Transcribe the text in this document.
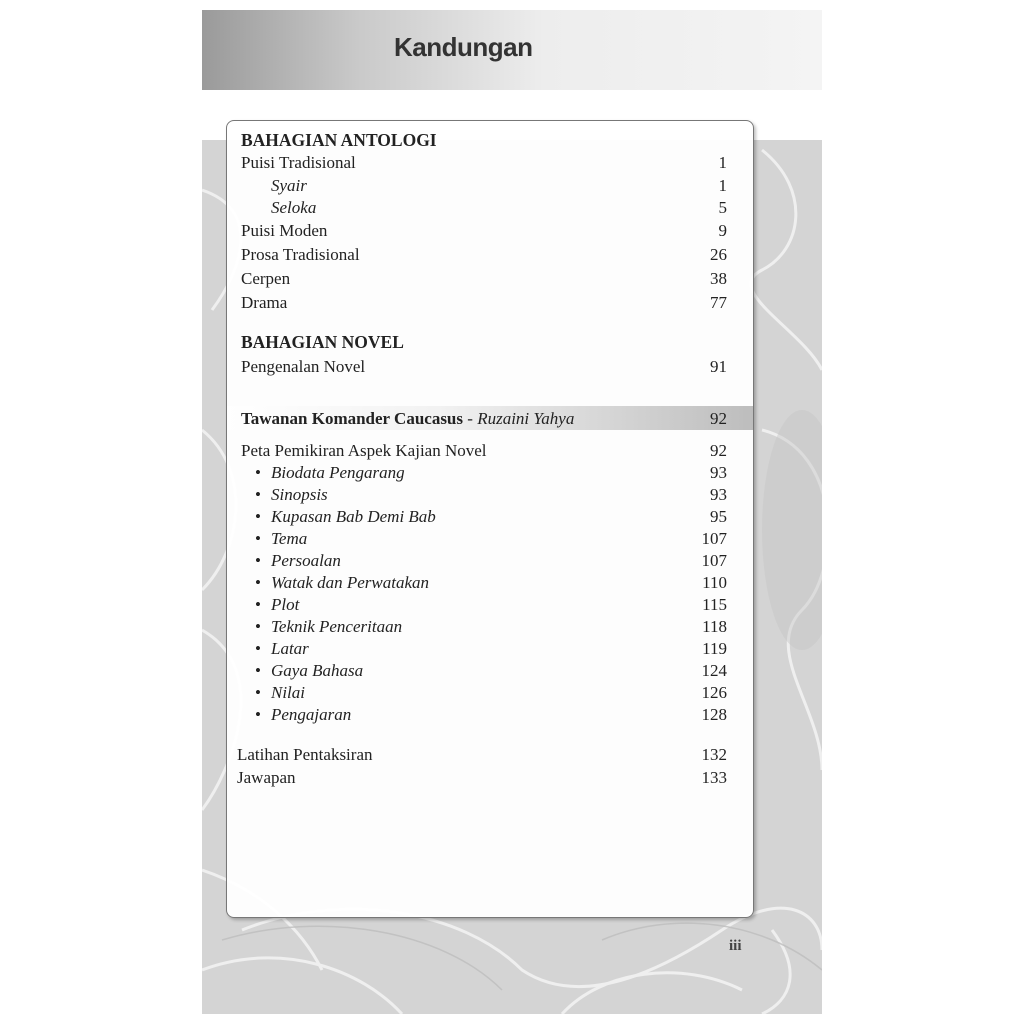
Kandungan
BAHAGIAN ANTOLOGI
Puisi Tradisional	1
Syair	1
Seloka	5
Puisi Moden	9
Prosa Tradisional	26
Cerpen	38
Drama	77
BAHAGIAN NOVEL
Pengenalan Novel	91
Tawanan Komander Caucasus - Ruzaini Yahya	92
Peta Pemikiran Aspek Kajian Novel	92
• Biodata Pengarang	93
• Sinopsis	93
• Kupasan Bab Demi Bab	95
• Tema	107
• Persoalan	107
• Watak dan Perwatakan	110
• Plot	115
• Teknik Penceritaan	118
• Latar	119
• Gaya Bahasa	124
• Nilai	126
• Pengajaran	128
Latihan Pentaksiran	132
Jawapan	133
iii
